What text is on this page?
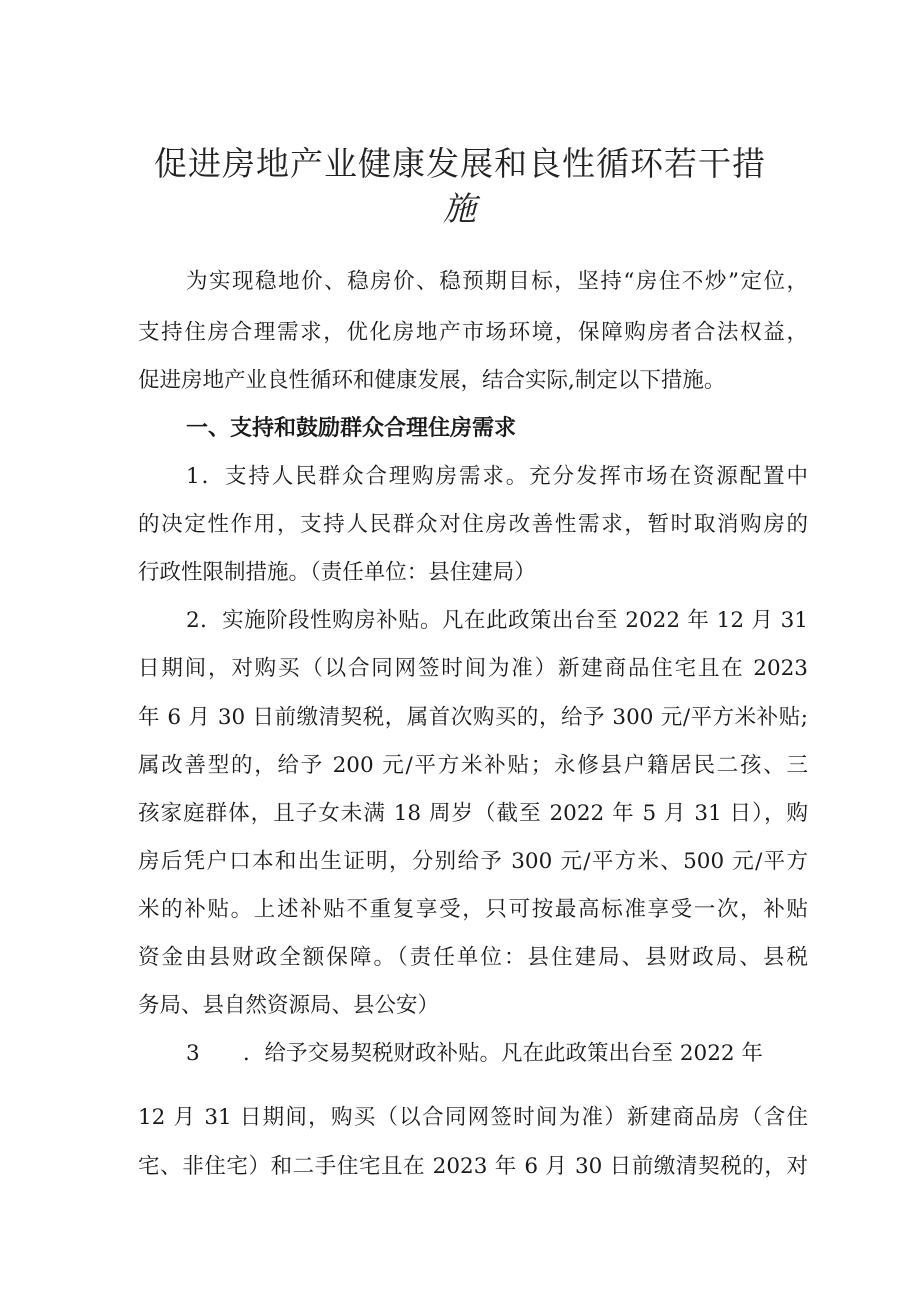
促进房地产业健康发展和良性循环若干措
施
为实现稳地价、稳房价、稳预期目标，坚持“房住不炒”定位，
支持住房合理需求，优化房地产市场环境，保障购房者合法权益，
促进房地产业良性循环和健康发展，结合实际,制定以下措施。
一、支持和鼓励群众合理住房需求
1．支持人民群众合理购房需求。充分发挥市场在资源配置中
的决定性作用，支持人民群众对住房改善性需求，暂时取消购房的
行政性限制措施。（责任单位：县住建局）
2．实施阶段性购房补贴。凡在此政策出台至 2022 年 12 月 31
日期间，对购买（以合同网签时间为准）新建商品住宅且在 2023
年 6 月 30 日前缴清契税，属首次购买的，给予 300 元/平方米补贴;
属改善型的，给予 200 元/平方米补贴；永修县户籍居民二孩、三
孩家庭群体，且子女未满 18 周岁（截至 2022 年 5 月 31 日），购
房后凭户口本和出生证明，分别给予 300 元/平方米、500 元/平方
米的补贴。上述补贴不重复享受，只可按最高标准享受一次，补贴
资金由县财政全额保障。（责任单位：县住建局、县财政局、县税
务局、县自然资源局、县公安）
3 ．给予交易契税财政补贴。凡在此政策出台至 2022 年
12 月 31 日期间，购买（以合同网签时间为准）新建商品房（含住
宅、非住宅）和二手住宅且在 2023 年 6 月 30 日前缴清契税的，对
